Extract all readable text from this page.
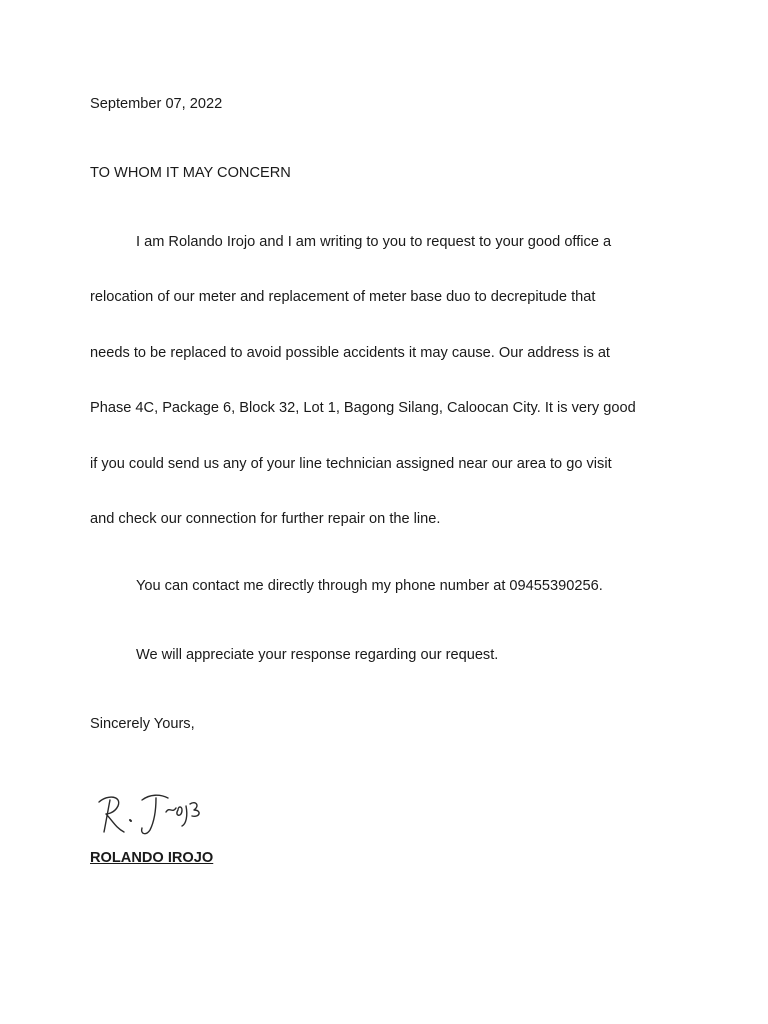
September 07, 2022
TO WHOM IT MAY CONCERN
I am Rolando Irojo and I am writing to you to request to your good office a
relocation of our meter and replacement of meter base duo to decrepitude that
needs to be replaced to avoid possible accidents it may cause. Our address is at
Phase 4C, Package 6, Block 32, Lot 1, Bagong Silang, Caloocan City. It is very good
if you could send us any of your line technician assigned near our area to go visit
and check our connection for further repair on the line.
You can contact me directly through my phone number at 09455390256.
We will appreciate your response regarding our request.
Sincerely Yours,
ROLANDO IROJO
